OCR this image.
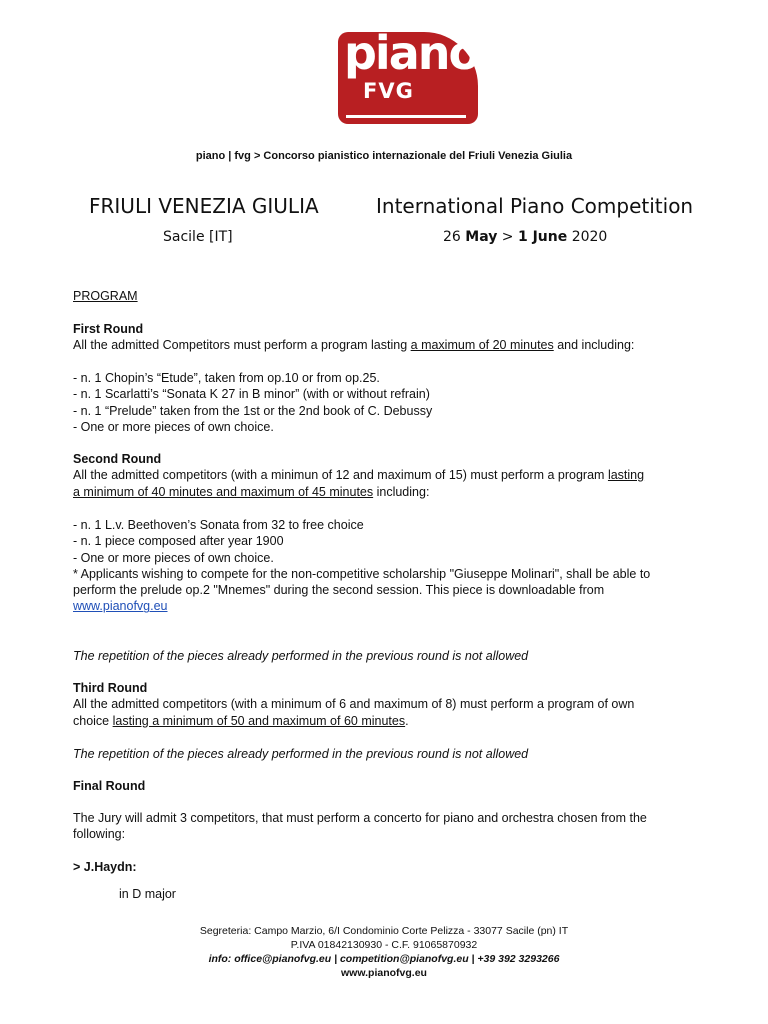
piano
FVG
piano | fvg > Concorso pianistico internazionale del Friuli Venezia Giulia
FRIULI VENEZIA GIULIA
Sacile [IT]
International Piano Competition
26 May > 1 June 2020
PROGRAM

First Round

All the admitted Competitors must perform a program lasting a maximum of 20 minutes and including:

- n. 1 Chopin’s “Etude”, taken from op.10 or from op.25.

- n. 1 Scarlatti’s “Sonata K 27 in B minor” (with or without refrain)

- n. 1 “Prelude” taken from the 1st or the 2nd book of C. Debussy

- One or more pieces of own choice.

Second Round

All the admitted competitors (with a minimun of 12 and maximum of 15) must perform a program lasting

a minimum of 40 minutes and maximum of 45 minutes including:

- n. 1 L.v. Beethoven’s Sonata from 32 to free choice

- n. 1 piece composed after year 1900

- One or more pieces of own choice.

* Applicants wishing to compete for the non-competitive scholarship "Giuseppe Molinari", shall be able to

perform the prelude op.2 "Mnemes" during the second session. This piece is downloadable from

www.pianofvg.eu

The repetition of the pieces already performed in the previous round is not allowed

Third Round

All the admitted competitors (with a minimum of 6 and maximum of 8) must perform a program of own

choice lasting a minimum of 50 and maximum of 60 minutes.

The repetition of the pieces already performed in the previous round is not allowed
Final Round

The Jury will admit 3 competitors, that must perform a concerto for piano and orchestra chosen from the

following:

> J.Haydn:
in D major
Segreteria: Campo Marzio, 6/I Condominio Corte Pelizza - 33077 Sacile (pn) IT
P.IVA 01842130930 - C.F. 91065870932
info: office@pianofvg.eu | competition@pianofvg.eu | +39 392 3293266
www.pianofvg.eu
